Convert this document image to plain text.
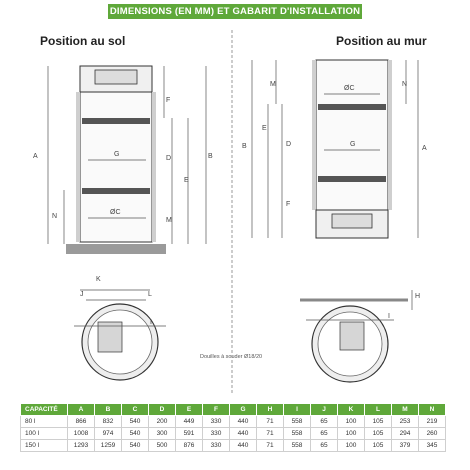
DIMENSIONS (EN MM) ET GABARIT D'INSTALLATION
Position au sol	Position au mur
A
N
F
D
E
M
B
G
ØC
K
J	L
I
B
M
E
D
F
N
A
ØC
G
H
I
Douilles à souder Ø18/20
CAPACITÉ	A	B	C	D	E	F	G	H	I	J	K	L	M	N
80 l	866	832	540	200	449	330	440	71	558	65	100	105	253	219
100 l	1008	974	540	300	591	330	440	71	558	65	100	105	294	260
150 l	1293	1259	540	500	876	330	440	71	558	65	100	105	379	345
